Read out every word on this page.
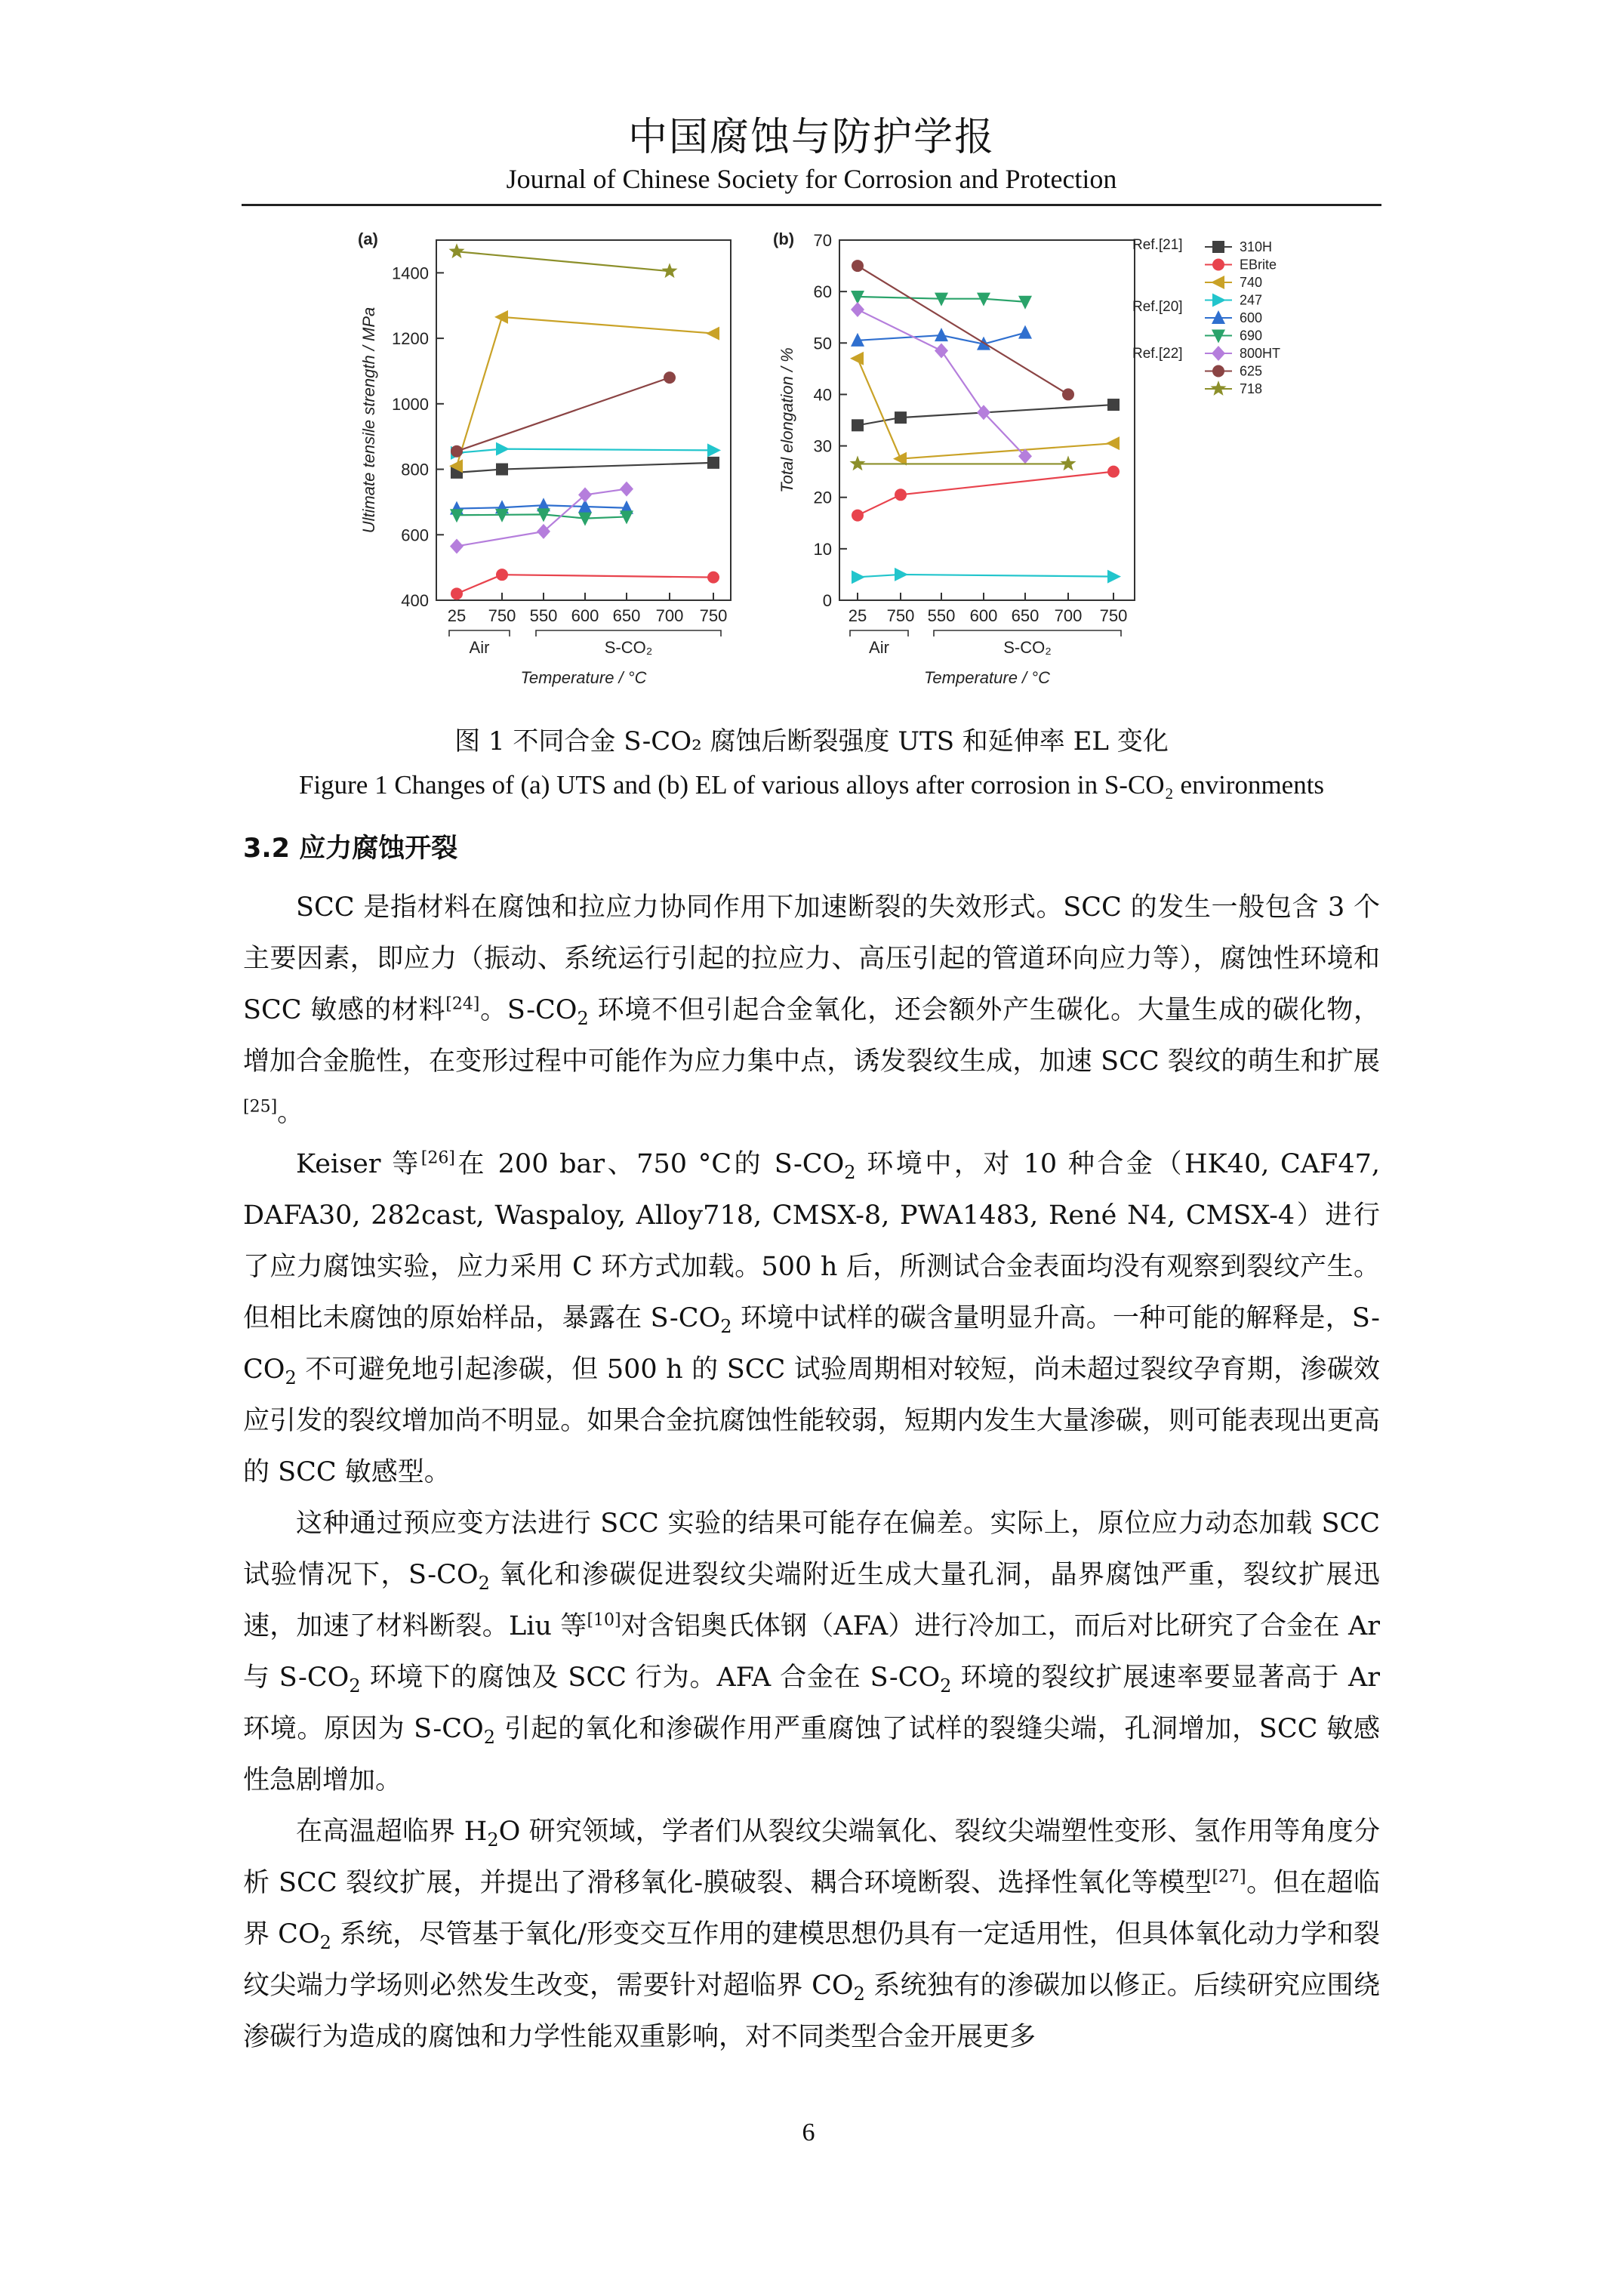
中国腐蚀与防护学报
Journal of Chinese Society for Corrosion and Protection
400
600
800
1000
1200
1400
25 750 550 600 650 700 750
Air	S-CO₂
Temperature / °C
Ultimate tensile strength / MPa
(a)
0
10
20
30
40
50
60
70
25 750 550 600 650 700 750
Air	S-CO₂
Temperature / °C
Total elongation / %
(b)	310H
EBrite
740
247
600
690
800HT
625
718
Ref.[21]
Ref.[20]
Ref.[22]
图 1 不同合金 S-CO₂ 腐蚀后断裂强度 UTS 和延伸率 EL 变化
Figure 1 Changes of (a) UTS and (b) EL of various alloys after corrosion in S-CO₂ environments
3.2 应力腐蚀开裂

SCC 是指材料在腐蚀和拉应力协同作用下加速断裂的失效形式。SCC 的发生一般包含 3 个主要因素，即应力（振动、系统运行引起的拉应力、高压引起的管道环向应力等），腐蚀性环境和 SCC 敏感的材料[24]。$S-CO_2$ 环境不但引起合金氧化，还会额外产生碳化。大量生成的碳化物，增加合金脆性，在变形过程中可能作为应力集中点，诱发裂纹生成，加速 SCC 裂纹的萌生和扩展[25]。

Keiser 等[26]在 200 bar、750 °C的 $S-CO_2$ 环境中，对 10 种合金（HK40, CAF47, DAFA30, 282cast, Waspaloy, Alloy718, CMSX-8, PWA1483, René N4, CMSX-4）进行了应力腐蚀实验，应力采用 C 环方式加载。500 h 后，所测试合金表面均没有观察到裂纹产生。但相比未腐蚀的原始样品，暴露在 $S-CO_2$ 环境中试样的碳含量明显升高。一种可能的解释是，$S-CO_2$ 不可避免地引起渗碳，但 500 h 的 SCC 试验周期相对较短，尚未超过裂纹孕育期，渗碳效应引发的裂纹增加尚不明显。如果合金抗腐蚀性能较弱，短期内发生大量渗碳，则可能表现出更高的 SCC 敏感型。

这种通过预应变方法进行 SCC 实验的结果可能存在偏差。实际上，原位应力动态加载 SCC 试验情况下，$S-CO_2$ 氧化和渗碳促进裂纹尖端附近生成大量孔洞，晶界腐蚀严重，裂纹扩展迅速，加速了材料断裂。Liu 等[10]对含铝奥氏体钢（AFA）进行冷加工，而后对比研究了合金在 Ar 与 $S-CO_2$ 环境下的腐蚀及 SCC 行为。AFA 合金在 $S-CO_2$ 环境的裂纹扩展速率要显著高于 Ar 环境。原因为 $S-CO_2$ 引起的氧化和渗碳作用严重腐蚀了试样的裂缝尖端，孔洞增加，SCC 敏感性急剧增加。

在高温超临界 $H_2O$ 研究领域，学者们从裂纹尖端氧化、裂纹尖端塑性变形、氢作用等角度分析 SCC 裂纹扩展，并提出了滑移氧化-膜破裂、耦合环境断裂、选择性氧化等模型[27]。但在超临界 $CO_2$ 系统，尽管基于氧化/形变交互作用的建模思想仍具有一定适用性，但具体氧化动力学和裂纹尖端力学场则必然发生改变，需要针对超临界 $CO_2$ 系统独有的渗碳加以修正。后续研究应围绕渗碳行为造成的腐蚀和力学性能双重影响，对不同类型合金开展更多

6
